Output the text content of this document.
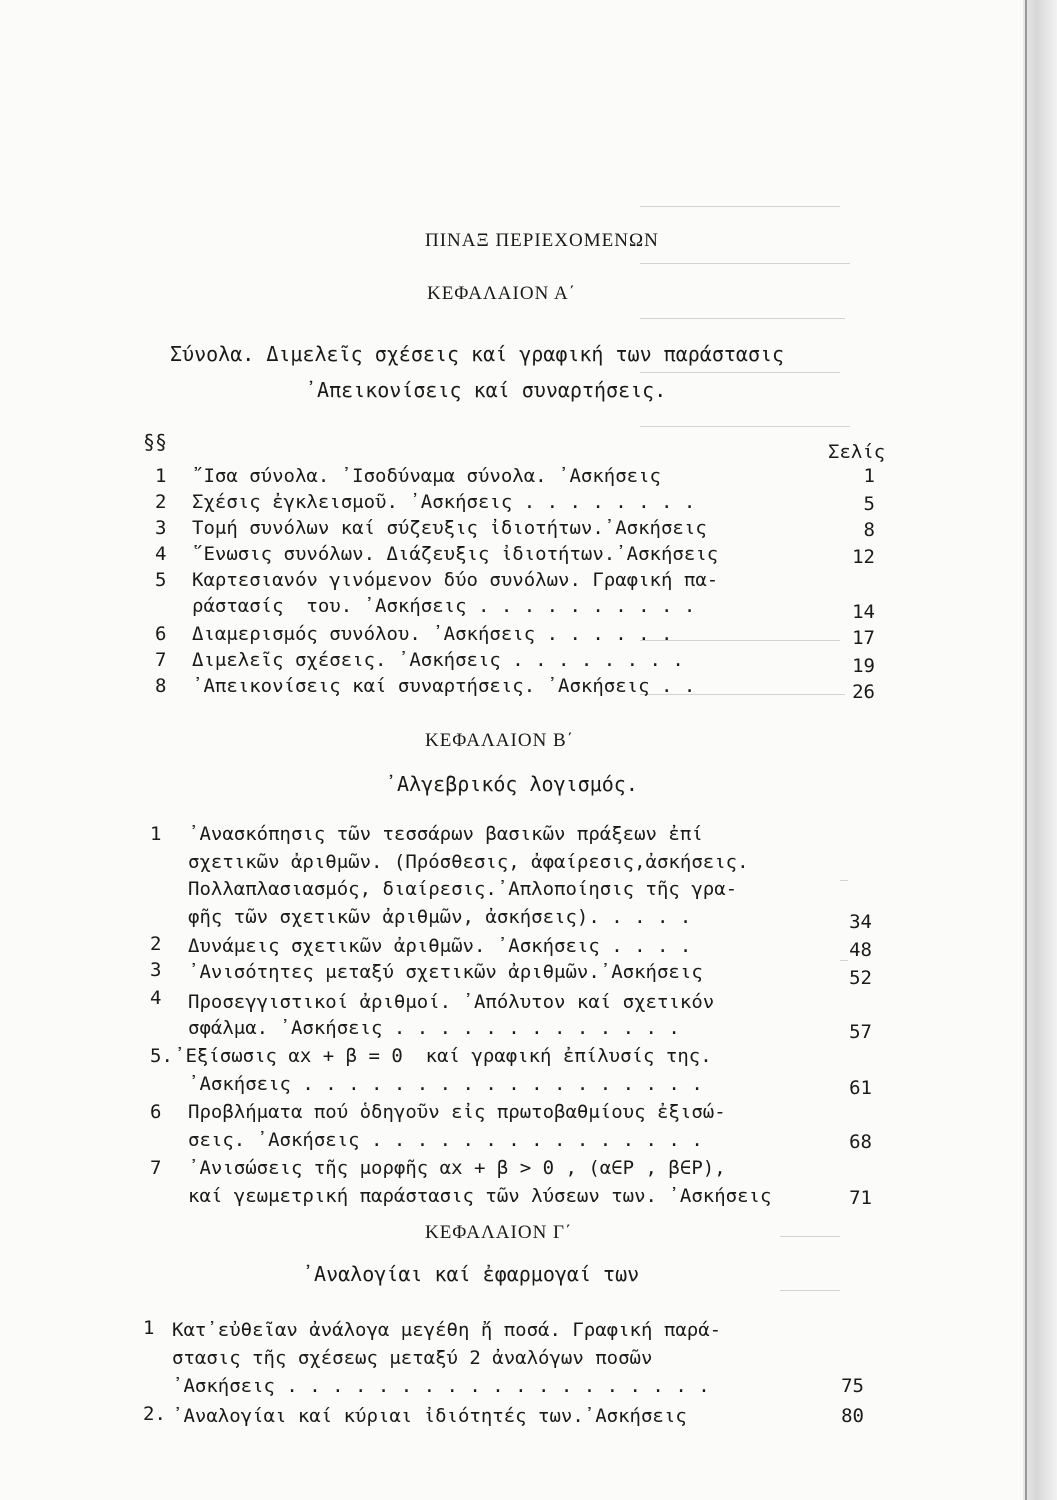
ΠΙΝΑΞ ΠΕΡΙΕΧΟΜΕΝΩΝ
ΚΕΦΑΛΑΙΟΝ Α΄
Σύνολα. Διμελεῖς σχέσεις καί γραφική των παράστασις
᾿Απεικονίσεις καί συναρτήσεις.
§§	Σελίς
1 ῎Ισα σύνολα. ᾿Ισοδύναμα σύνολα. ᾿Ασκήσεις	1
2 Σχέσις ἐγκλεισμοῦ. ᾿Ασκήσεις . . . . . . . .	5
3 Τομή συνόλων καί σύζευξις ἰδιοτήτων.᾿Ασκήσεις	8
4 ῞Ενωσις συνόλων. Διάζευξις ἰδιοτήτων.᾿Ασκήσεις	12
5 Καρτεσιανόν γινόμενον δύο συνόλων. Γραφική πα-
ράστασίς  του. ᾿Ασκήσεις . . . . . . . . . .	14
6 Διαμερισμός συνόλου. ᾿Ασκήσεις . . . . . .	17
7 Διμελεῖς σχέσεις. ᾿Ασκήσεις . . . . . . . .	19
8 ᾿Απεικονίσεις καί συναρτήσεις. ᾿Ασκήσεις . .	26
ΚΕΦΑΛΑΙΟΝ Β΄
᾿Αλγεβρικός λογισμός.
1 ᾿Ανασκόπησις τῶν τεσσάρων βασικῶν πράξεων ἐπί
σχετικῶν ἀριθμῶν. (Πρόσθεσις, ἀφαίρεσις,ἀσκήσεις.
Πολλαπλασιασμός, διαίρεσις.᾿Απλοποίησις τῆς γρα-
φῆς τῶν σχετικῶν ἀριθμῶν, ἀσκήσεις). . . . .	34
2 Δυνάμεις σχετικῶν ἀριθμῶν. ᾿Ασκήσεις . . . .	48
3 ᾿Ανισότητες μεταξύ σχετικῶν ἀριθμῶν.᾿Ασκήσεις	52
4 Προσεγγιστικοί ἀριθμοί. ᾿Απόλυτον καί σχετικόν
σφάλμα. ᾿Ασκήσεις . . . . . . . . . . . . .	57
5. ᾿Εξίσωσις αx + β = 0  καί γραφική ἐπίλυσίς της.
᾿Ασκήσεις . . . . . . . . . . . . . . . . . .	61
6 Προβλήματα πού ὁδηγοῦν εἰς πρωτοβαθμίους ἐξισώ-
σεις. ᾿Ασκήσεις . . . . . . . . . . . . . . .	68
7 ᾿Ανισώσεις τῆς μορφῆς αx + β > 0 , (α∈Ρ , β∈Ρ),
καί γεωμετρική παράστασις τῶν λύσεων των. ᾿Ασκήσεις	71
ΚΕΦΑΛΑΙΟΝ Γ΄
᾿Αναλογίαι καί ἐφαρμογαί των
1 Κατ᾿εὐθεῖαν ἀνάλογα μεγέθη ἤ ποσά. Γραφική παρά-
στασις τῆς σχέσεως μεταξύ 2 ἀναλόγων ποσῶν
᾿Ασκήσεις . . . . . . . . . . . . . . . . . . .	75
2. ᾿Αναλογίαι καί κύριαι ἰδιότητές των.᾿Ασκήσεις	80
